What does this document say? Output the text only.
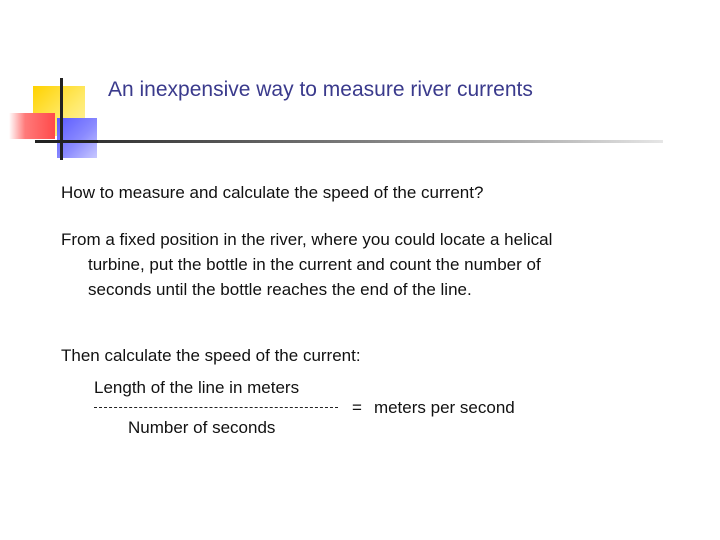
An inexpensive way to measure river currents
How to measure and calculate the speed of the current?
From a fixed position in the river, where you could locate a helical
turbine, put the bottle in the current and count the number of
seconds until the bottle reaches the end of the line.
Then calculate the speed of the current:
Length of the line in meters
= meters per second
Number of seconds
